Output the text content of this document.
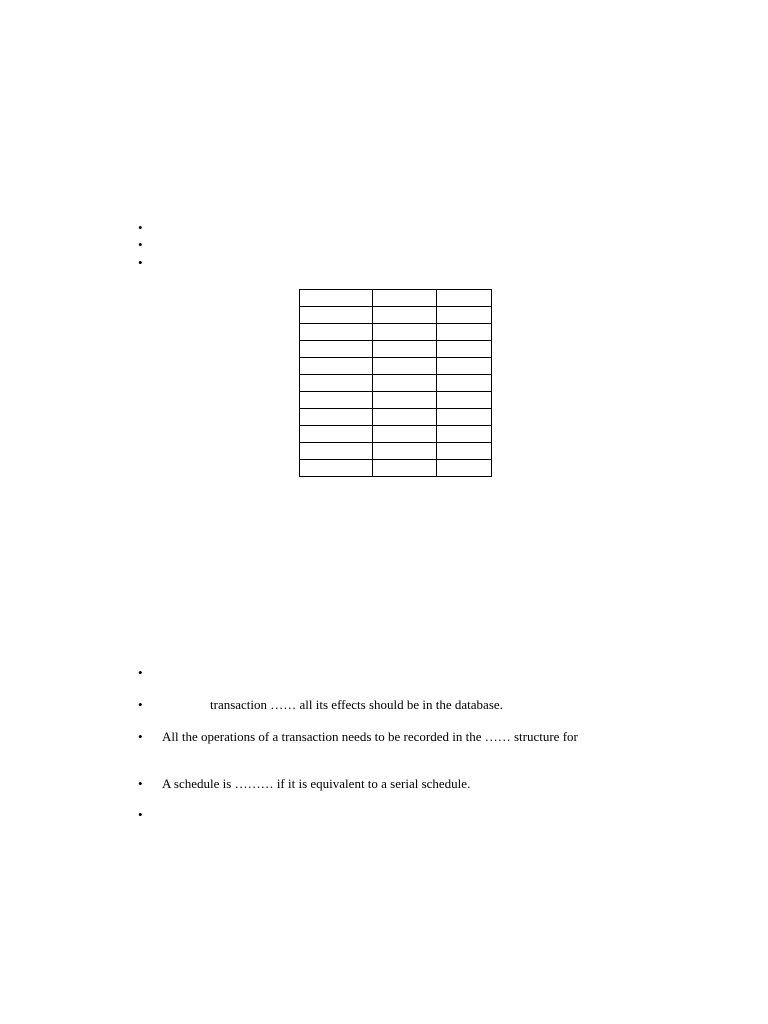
•
•
•

•
•	transaction …… all its effects should be in the database.
• All the operations of a transaction needs to be recorded in the …… structure for
• A schedule is ……… if it is equivalent to a serial schedule.
•
